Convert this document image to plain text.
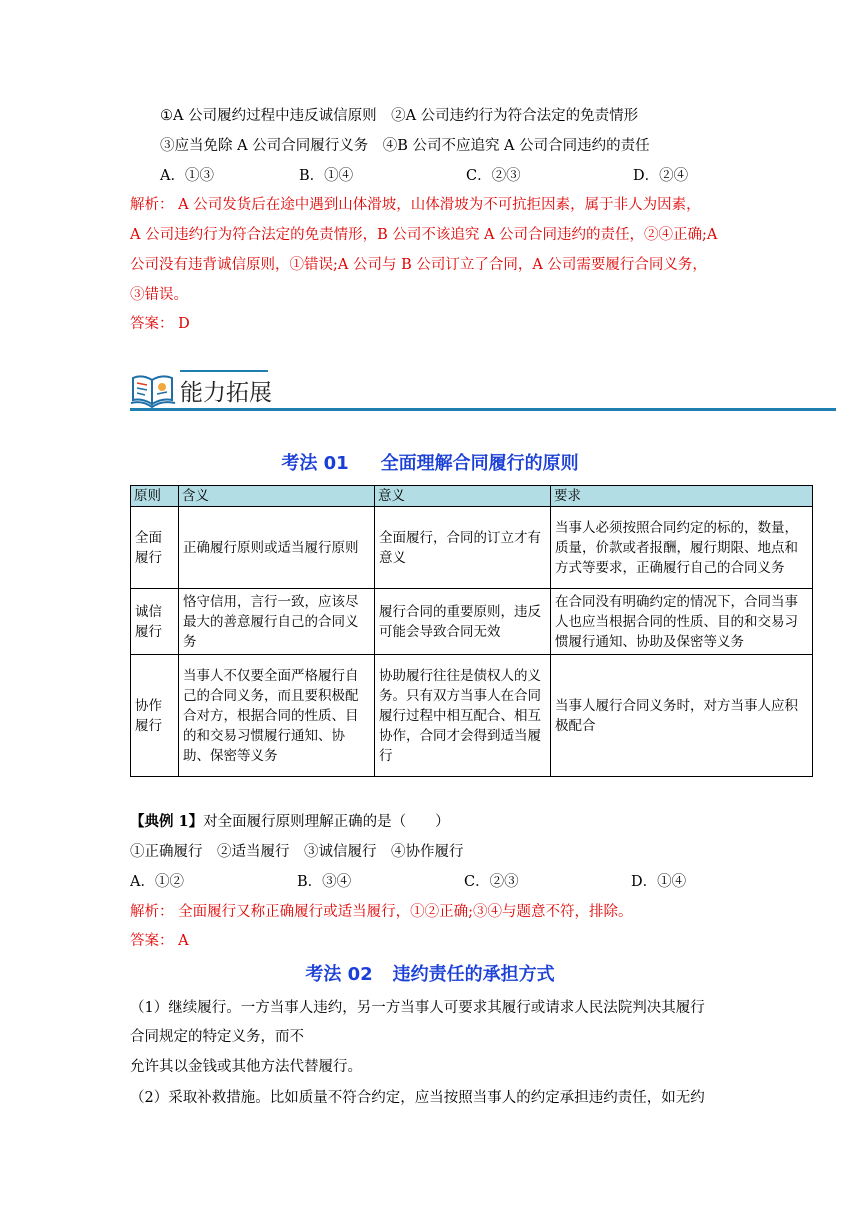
①A 公司履约过程中违反诚信原则　②A 公司违约行为符合法定的免责情形
③应当免除 A 公司合同履行义务　④B 公司不应追究 A 公司合同违约的责任
A．①③	B．①④	C．②③	D．②④
解析： A 公司发货后在途中遇到山体滑坡，山体滑坡为不可抗拒因素，属于非人为因素，
A 公司违约行为符合法定的免责情形，B 公司不该追究 A 公司合同违约的责任，②④正确;A
公司没有违背诚信原则，①错误;A 公司与 B 公司订立了合同，A 公司需要履行合同义务，
③错误。
答案： D
能力拓展
考法 01 全面理解合同履行的原则
原则	含义	意义	要求
全面履行	正确履行原则或适当履行原则	全面履行，合同的订立才有意义	当事人必须按照合同约定的标的，数量，质量，价款或者报酬，履行期限、地点和方式等要求，正确履行自己的合同义务
诚信履行	恪守信用，言行一致，应该尽最大的善意履行自己的合同义务	履行合同的重要原则，违反可能会导致合同无效	在合同没有明确约定的情况下，合同当事人也应当根据合同的性质、目的和交易习惯履行通知、协助及保密等义务
协作履行	当事人不仅要全面严格履行自己的合同义务，而且要积极配合对方，根据合同的性质、目的和交易习惯履行通知、协助、保密等义务	协助履行往往是债权人的义务。只有双方当事人在合同履行过程中相互配合、相互协作，合同才会得到适当履行	当事人履行合同义务时，对方当事人应积极配合
【典例 1】对全面履行原则理解正确的是（　　）
①正确履行　②适当履行　③诚信履行　④协作履行
A．①②	B．③④	C．②③	D．①④
解析： 全面履行又称正确履行或适当履行，①②正确;③④与题意不符，排除。
答案： A
考法 02 违约责任的承担方式
（1）继续履行。一方当事人违约，另一方当事人可要求其履行或请求人民法院判决其履行
合同规定的特定义务，而不
允许其以金钱或其他方法代替履行。
（2）采取补救措施。比如质量不符合约定，应当按照当事人的约定承担违约责任，如无约
